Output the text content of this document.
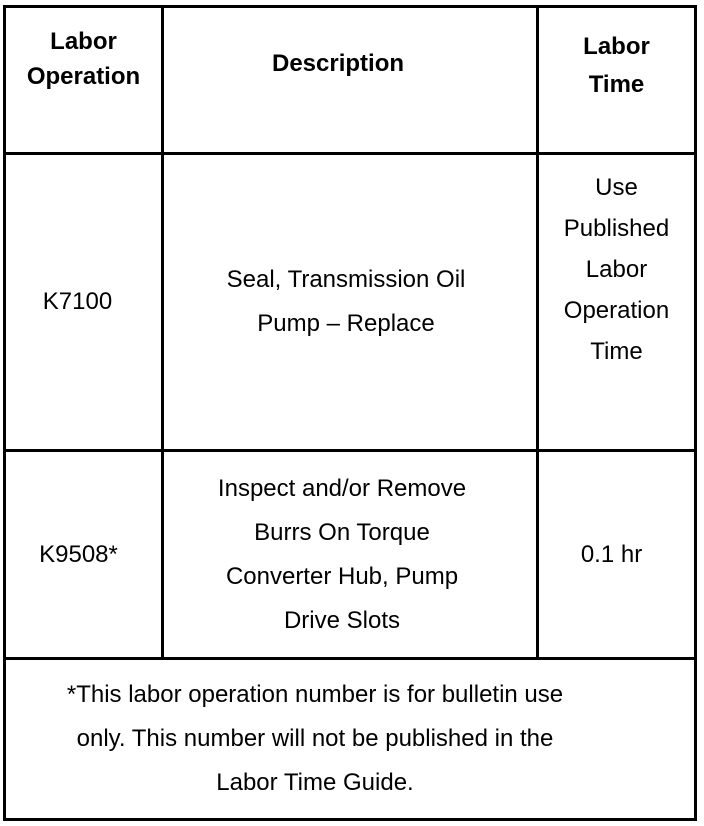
Labor
Operation	Description
Labor
Time
K7100
Seal, Transmission Oil
Pump – Replace
Use
Published
Labor
Operation
Time
K9508*
Inspect and/or Remove
Burrs On Torque
Converter Hub, Pump
Drive Slots
0.1 hr
*This labor operation number is for bulletin use
only. This number will not be published in the
Labor Time Guide.
